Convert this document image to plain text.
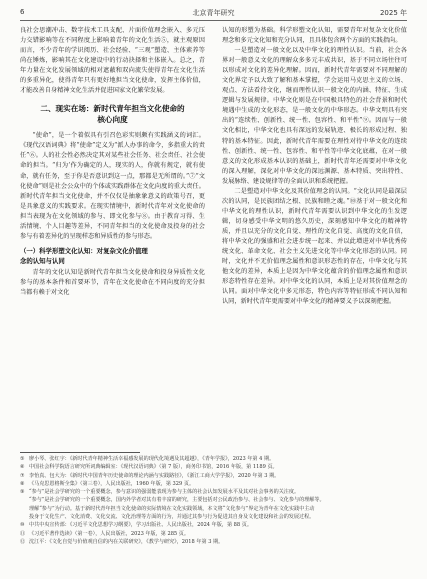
6	北京青年研究	2025 年

良社会思潮冲击、数字技术工具支配、片面价值理念嵌入、多元压力交错影响等在不同程度上影响着青年的文化生活⑤，就主观原因而言，不少青年的学识阅历、社会经验、“三观”塑造、主体素养等尚在锤炼，影响其在文化建设中的行动抉择和主体嵌入。总之，青年力量在文化发展领域的相对遮蔽和双向流失使得青年在文化生活的多重异化，使得青年只有更好地担当文化使命，发挥主体价值，才能改善自身精神文化生活并促进国家文化繁荣发展。

二、现实在场：新时代青年担当文化使命的
核心向度

“使命”，是一个着似具有引召色彩实则颇有实践涵义的词汇。《现代汉语词典》将“使命”定义为“派人办事的命令，多指重大的责任”⑥。人的社会性必然决定其对某些社会任务、社会责任、社会使命的担当。“归为‘作为确定的人，现实的人，你就有规定，就有使命，就有任务，至于你是否意识到这一点，那都是无所谓的。”⑦“文化使命”则是社会公众中的个体或实践群体在文化向度的重大责任。新时代青年担当文化使命，并不仅仅是抽象象意义的政策号召，更是具象意义的实践要求。在现实情境中，新时代青年对文化使命的担当表现为在文化领域的参与、即文化参与⑧。由于教育习得、生活情境、个人目趣等差异，不同青年担当的文化使命及投身的社会参与有着差异化的呈现样态和异质性的参与形态。

（一）科学形塑文化认知：对复杂文化价值理
念的认知与认同

青年的文化认知是新时代青年担当文化使命和投身异质性文化参与的基本条件和首要环节，青年在文化使命在不同向度的充分担当都有赖于对文化

认知的形塑为基础。科学形塑文化认知，需要青年对复杂文化价值理念和多元文化知和充分认同，且具体包含两个方面的实践指向。

一是塑造对一般文化以及中华文化的理性认识。当前，社会各界对一般意义文化的理解众多多元丰成共识，基于不同立场往往可以形成对文化的差异化理解。因而，新时代青年需要对不同理解的文化界定予以大致了解和基本掌握，学会运用马克思主义的立场、观点、方法看待文化，继而理性认识一般文化的内涵、特征、生成逻辑与发展规律。中华文化则是在中国极具特色的社会背景和时代境遇中生成的文化形态，是一般文化的中华形态。中华文明具有突出的“连续性、创新性、统一性、包容性、和平性”⑨。因而与一般文化相比，中华文化也具有深远的发展轨迹、极长的形成过程、独特的基本特征。因此，新时代青年需要在理性对待中华文化的连续性、创新性、统一性、包容性、和平性等中华文化底蕴，在对一般意义的文化形成基本认识的基础上，新时代青年还需要对中华文化的深入理解，深化对中华文化的深远渊源、基本特质、突出特性、发展脉络、建设规律等的全面认识和系统把握。

二是塑造对中华文化及其价值理念的认同。“文化认同是最深层次的认同，是民族团结之根、民族和睦之魂。”⑩基于对一般文化和中华文化的理性认识，新时代青年需要认识到中华文化的生发逻辑，切身感受中华文明的悠久历史，深刻感知中华文化的精神特质，并且以充分的文化自觉、理性的文化自觉、高度的文化自信，将中华文化的强盛和社会进步统一起来、并以此增进对中华优秀传统文化、革命文化、社会主义先进文化等中华文化形态的认同。同时，文化并不无价值理念属性和意识形态性的存在，中华文化与其他文化的差异，本质上是因为中华文化蕴含的价值理念属性和意识形态特性存在差异。对中华文化的认同，本质上是对其价值理念的认同。面对中华文化中多元形态，特色内容等特征形成不同认知和认同，新时代青年更需要对中华文化的精神要义予以深刻把握。

⑤ 廖小琴、张红宇：《新时代青年精神生活幸福感发展的现代化境遇及其超越》，《青年学报》，2023 年第 4 期。
⑥ 中国社会科学院语言研究所词典编辑室：《现代汉语词典》（第 7 版），商务印书馆，2016 年版，第 1189 页。
⑦ 李怡真、包大为：《新时代中国青年历史使命的理论内涵与实践路径》，《浙江工商大学学报》，2020 年第 3 期。
⑧ 《马克思恩格斯全集》（第三卷），人民出版社，1960 年版，第 329 页。
⑨ “参与”是社会学研究的一个重要概念，参与意识的强弱能表现为参与主体的社会认知发展水平及其对社会事务的关注度。
“参与”是社会学研究的一个重要概念，国内外学者对其有着丰富的研究，主要包括对公民政治参与、社会参与、文化参与的理解等。
理解“参与”为行动。基于新时代青年担当文化使命的实际情境在文化实践领域，本文将“文化参与”界定为青年在文化实践中主动
投身于文化生产、文化消费、文化交流、文化治理等方面的行为，并通过其参与行为促进其自身及文化建设和社会的发展过程。
⑩ 中共中央宣传部：《习近平文化思想学习纲要》，学习出版社、人民出版社，2024 年版，第 88 页。
⑪ 《习近平著作选读》（第一卷），人民出版社，2023 年版，第 285 页。
⑫ 沈江平：《文化自觉与价值观自信的内在关联研究》，《教学与研究》，2018 年第 3 期。
